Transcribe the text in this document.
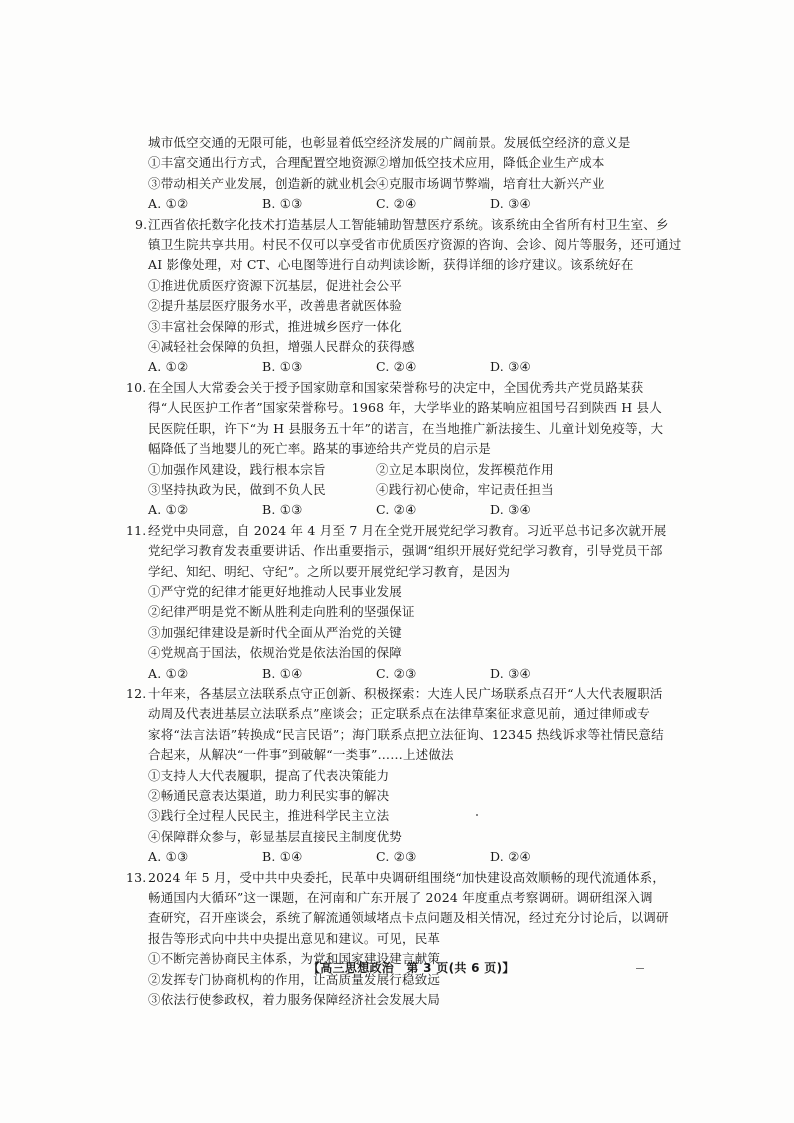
城市低空交通的无限可能，也彰显着低空经济发展的广阔前景。发展低空经济的意义是
①丰富交通出行方式，合理配置空地资源 ②增加低空技术应用，降低企业生产成本
③带动相关产业发展，创造新的就业机会 ④克服市场调节弊端，培育壮大新兴产业
A. ①②	B. ①③	C. ②④	D. ③④
9. 江西省依托数字化技术打造基层人工智能辅助智慧医疗系统。该系统由全省所有村卫生室、乡
镇卫生院共享共用。村民不仅可以享受省市优质医疗资源的咨询、会诊、阅片等服务，还可通过
AI 影像处理，对 CT、心电图等进行自动判读诊断，获得详细的诊疗建议。该系统好在
①推进优质医疗资源下沉基层，促进社会公平
②提升基层医疗服务水平，改善患者就医体验
③丰富社会保障的形式，推进城乡医疗一体化
④减轻社会保障的负担，增强人民群众的获得感
A. ①②	B. ①③	C. ②④	D. ③④
10. 在全国人大常委会关于授予国家勋章和国家荣誉称号的决定中，全国优秀共产党员路某获
得“人民医护工作者”国家荣誉称号。1968 年，大学毕业的路某响应祖国号召到陕西 H 县人
民医院任职，许下“为 H 县服务五十年”的诺言，在当地推广新法接生、儿童计划免疫等，大
幅降低了当地婴儿的死亡率。路某的事迹给共产党员的启示是
①加强作风建设，践行根本宗旨	②立足本职岗位，发挥模范作用
③坚持执政为民，做到不负人民	④践行初心使命，牢记责任担当
A. ①②	B. ①③	C. ②④	D. ③④
11. 经党中央同意，自 2024 年 4 月至 7 月在全党开展党纪学习教育。习近平总书记多次就开展
党纪学习教育发表重要讲话、作出重要指示，强调“组织开展好党纪学习教育，引导党员干部
学纪、知纪、明纪、守纪”。之所以要开展党纪学习教育，是因为
①严守党的纪律才能更好地推动人民事业发展
②纪律严明是党不断从胜利走向胜利的坚强保证
③加强纪律建设是新时代全面从严治党的关键
④党规高于国法，依规治党是依法治国的保障
A. ①②	B. ①④	C. ②③	D. ③④
12. 十年来，各基层立法联系点守正创新、积极探索：大连人民广场联系点召开“人大代表履职活
动周及代表进基层立法联系点”座谈会；正定联系点在法律草案征求意见前，通过律师或专
家将“法言法语”转换成“民言民语”；海门联系点把立法征询、12345 热线诉求等社情民意结
合起来，从解决“一件事”到破解“一类事”……上述做法
①支持人大代表履职，提高了代表决策能力
②畅通民意表达渠道，助力利民实事的解决
③践行全过程人民民主，推进科学民主立法
④保障群众参与，彰显基层直接民主制度优势
A. ①③	B. ①④	C. ②③	D. ②④
13. 2024 年 5 月，受中共中央委托，民革中央调研组围绕“加快建设高效顺畅的现代流通体系，
畅通国内大循环”这一课题，在河南和广东开展了 2024 年度重点考察调研。调研组深入调
查研究，召开座谈会，系统了解流通领域堵点卡点问题及相关情况，经过充分讨论后，以调研
报告等形式向中共中央提出意见和建议。可见，民革
①不断完善协商民主体系，为党和国家建设建言献策
②发挥专门协商机构的作用，让高质量发展行稳致远
③依法行使参政权，着力服务保障经济社会发展大局
【高三思想政治　第 3 页(共 6 页)】
